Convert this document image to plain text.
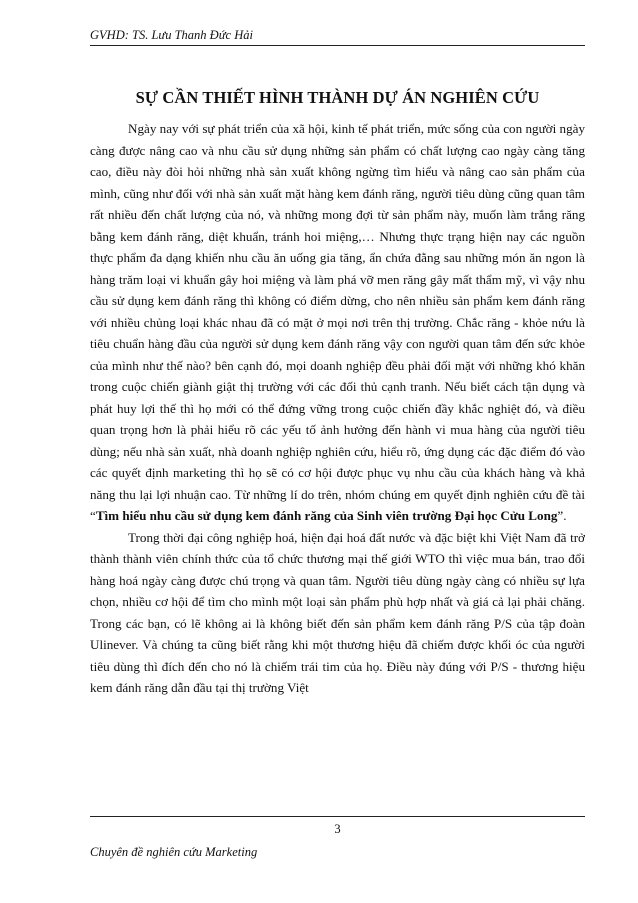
GVHD: TS. Lưu Thanh Đức Hải
SỰ CẦN THIẾT HÌNH THÀNH DỰ ÁN NGHIÊN CỨU

Ngày nay với sự phát triển của xã hội, kinh tế phát triển, mức sống của con người ngày càng được nâng cao và nhu cầu sử dụng những sản phẩm có chất lượng cao ngày càng tăng cao, điều này đòi hỏi những nhà sản xuất không ngừng tìm hiểu và nâng cao sản phẩm của mình, cũng như đối với nhà sản xuất mặt hàng kem đánh răng, người tiêu dùng cũng quan tâm rất nhiều đến chất lượng của nó, và những mong đợi từ sản phẩm này, muốn làm trắng răng bằng kem đánh răng, diệt khuẩn, tránh hoi miệng,… Nhưng thực trạng hiện nay các nguồn thực phẩm đa dạng khiến nhu cầu ăn uống gia tăng, ẩn chứa đằng sau những món ăn ngon là hàng trăm loại vi khuẩn gây hoi miệng và làm phá vỡ men răng gây mất thẩm mỹ, vì vậy nhu cầu sử dụng kem đánh răng thì không có điểm dừng, cho nên nhiều sản phẩm kem đánh răng với nhiều chủng loại khác nhau đã có mặt ở mọi nơi trên thị trường. Chắc răng - khỏe nứu là tiêu chuẩn hàng đầu của người sử dụng kem đánh răng vậy con người quan tâm đến sức khỏe của mình như thế nào? bên cạnh đó, mọi doanh nghiệp đều phải đối mặt với những khó khăn trong cuộc chiến giành giật thị trường với các đối thủ cạnh tranh. Nếu biết cách tận dụng và phát huy lợi thế thì họ mới có thể đứng vững trong cuộc chiến đầy khắc nghiệt đó, và điều quan trọng hơn là phải hiểu rõ các yếu tố ảnh hưởng đến hành vi mua hàng của người tiêu dùng; nếu nhà sản xuất, nhà doanh nghiệp nghiên cứu, hiểu rõ, ứng dụng các đặc điểm đó vào các quyết định marketing thì họ sẽ có cơ hội được phục vụ nhu cầu của khách hàng và khả năng thu lại lợi nhuận cao. Từ những lí do trên, nhóm chúng em quyết định nghiên cứu đề tài “Tìm hiểu nhu cầu sử dụng kem đánh răng của Sinh viên trường Đại học Cửu Long”.

Trong thời đại công nghiệp hoá, hiện đại hoá đất nước và đặc biệt khi Việt Nam đã trở thành thành viên chính thức của tổ chức thương mại thế giới WTO thì việc mua bán, trao đổi hàng hoá ngày càng được chú trọng và quan tâm. Người tiêu dùng ngày càng có nhiều sự lựa chọn, nhiều cơ hội để tìm cho mình một loại sản phẩm phù hợp nhất và giá cả lại phải chăng. Trong các bạn, có lẽ không ai là không biết đến sản phẩm kem đánh răng P/S của tập đoàn Ulinever. Và chúng ta cũng biết rằng khi một thương hiệu đã chiếm được khối óc của người tiêu dùng thì đích đến cho nó là chiếm trái tim của họ. Điều này đúng với P/S - thương hiệu kem đánh răng dẫn đầu tại thị trường Việt

3
Chuyên đề nghiên cứu Marketing
